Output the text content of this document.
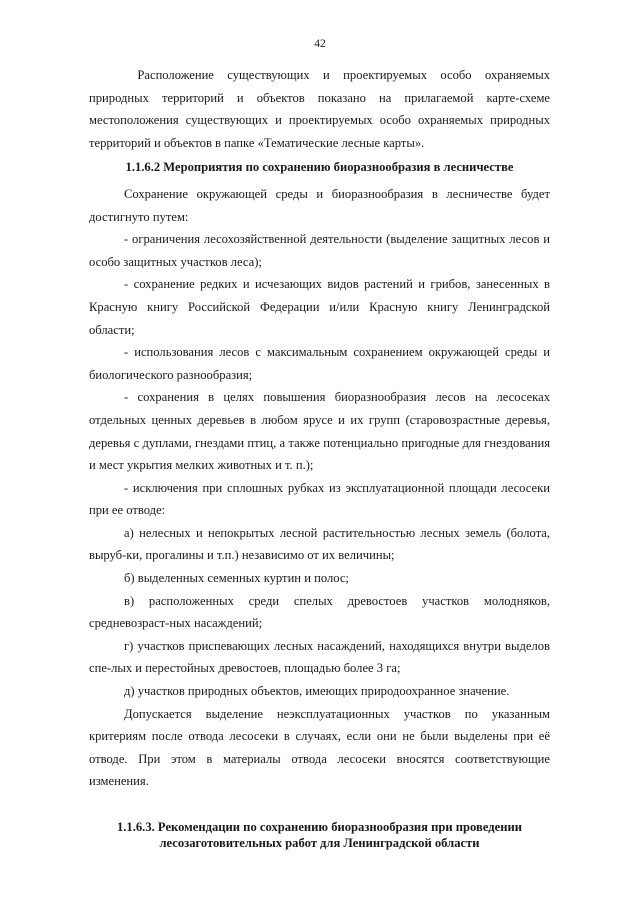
42

Расположение существующих и проектируемых особо охраняемых природных территорий и объектов показано на прилагаемой карте-схеме местоположения существующих и проектируемых особо охраняемых природных территорий и объектов в папке «Тематические лесные карты».

1.1.6.2 Мероприятия по сохранению биоразнообразия в лесничестве

Сохранение окружающей среды и биоразнообразия в лесничестве будет достигнуто путем:

- ограничения лесохозяйственной деятельности (выделение защитных лесов и особо защитных участков леса);

- сохранение редких и исчезающих видов растений и грибов, занесенных в Красную книгу Российской Федерации и/или Красную книгу Ленинградской области;

- использования лесов с максимальным сохранением окружающей среды и биологического разнообразия;

- сохранения в целях повышения биоразнообразия лесов на лесосеках отдельных ценных деревьев в любом ярусе и их групп (старовозрастные деревья, деревья с дуплами, гнездами птиц, а также потенциально пригодные для гнездования и мест укрытия мелких животных и т. п.);

- исключения при сплошных рубках из эксплуатационной площади лесосеки при ее отводе:

а) нелесных и непокрытых лесной растительностью лесных земель (болота, выруб-ки, прогалины и т.п.) независимо от их величины;

б) выделенных семенных куртин и полос;

в) расположенных среди спелых древостоев участков молодняков, средневозраст-ных насаждений;

г) участков приспевающих лесных насаждений, находящихся внутри выделов спе-лых и перестойных древостоев, площадью более 3 га;

д) участков природных объектов, имеющих природоохранное значение.

Допускается выделение неэксплуатационных участков по указанным критериям после отвода лесосеки в случаях, если они не были выделены при её отводе. При этом в материалы отвода лесосеки вносятся соответствующие изменения.

1.1.6.3. Рекомендации по сохранению биоразнообразия при проведении
лесозаготовительных работ для Ленинградской области
